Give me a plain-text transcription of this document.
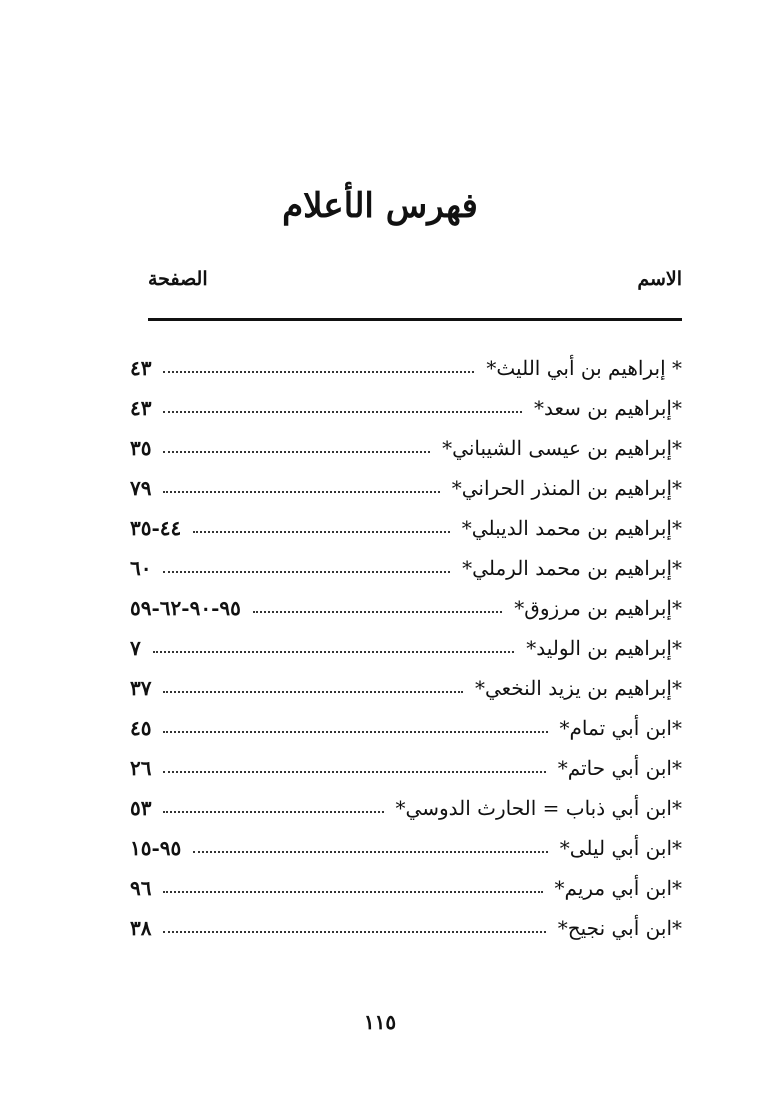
فهرس الأعلام
الاسم
الصفحة
* إبراهيم بن أبي الليث*
٤٣
*إبراهيم بن سعد*
٤٣
*إبراهيم بن عيسى الشيباني*
٣٥
*إبراهيم بن المنذر الحراني*
٧٩
*إبراهيم بن محمد الديبلي*
٤٤-٣٥
*إبراهيم بن محمد الرملي*
٦٠
*إبراهيم بن مرزوق*
٩٥-٩٠-٦٢-٥٩
*إبراهيم بن الوليد*
٧
*إبراهيم بن يزيد النخعي*
٣٧
*ابن أبي تمام*
٤٥
*ابن أبي حاتم*
٢٦
*ابن أبي ذباب = الحارث الدوسي*
٥٣
*ابن أبي ليلى*
٩٥-١٥
*ابن أبي مريم*
٩٦
*ابن أبي نجيح*
٣٨
١١٥
